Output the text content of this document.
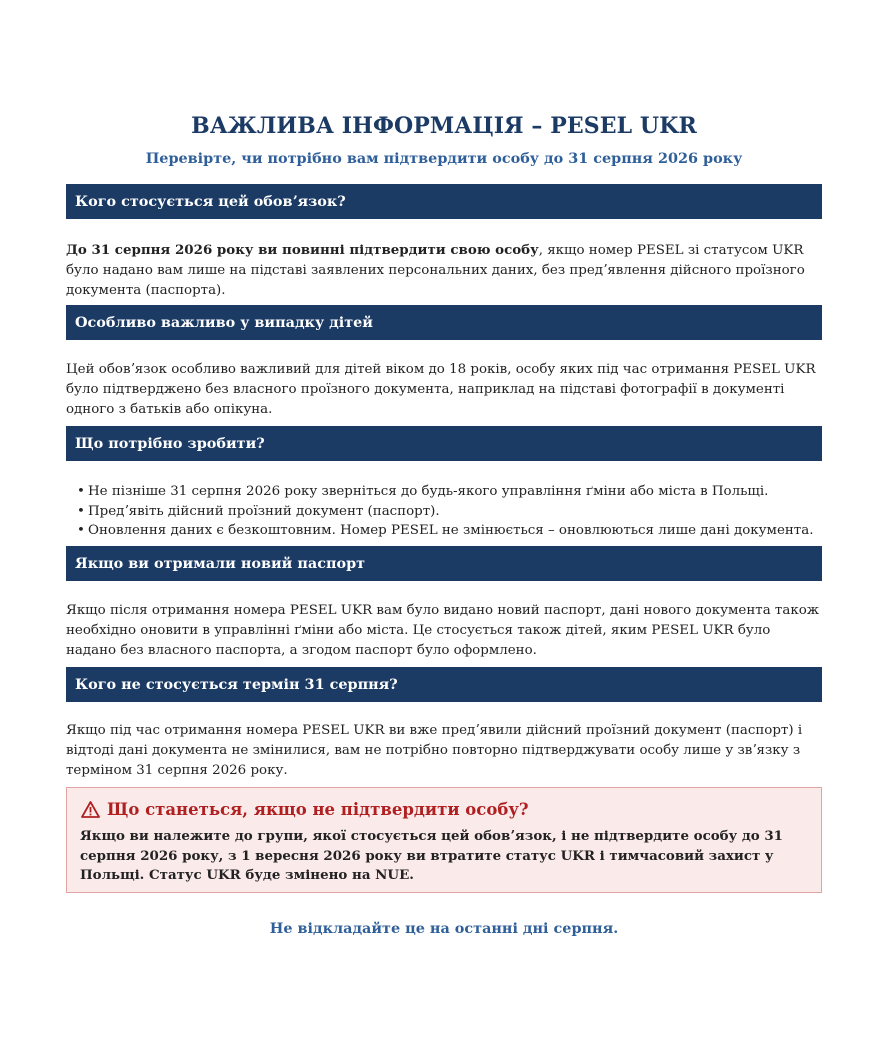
ВАЖЛИВА ІНФОРМАЦІЯ – PESEL UKR
Перевірте, чи потрібно вам підтвердити особу до 31 серпня 2026 року
Кого стосується цей обовʼязок?

До 31 серпня 2026 року ви повинні підтвердити свою особу, якщо номер PESEL зі статусом UKR було надано вам лише на підставі заявлених персональних даних, без предʼявлення дійсного проїзного документа (паспорта).

Особливо важливо у випадку дітей

Цей обовʼязок особливо важливий для дітей віком до 18 років, особу яких під час отримання PESEL UKR було підтверджено без власного проїзного документа, наприклад на підставі фотографії в документі одного з батьків або опікуна.

Що потрібно зробити?
• Не пізніше 31 серпня 2026 року зверніться до будь-якого управління ґміни або міста в Польщі.
• Предʼявіть дійсний проїзний документ (паспорт).
• Оновлення даних є безкоштовним. Номер PESEL не змінюється – оновлюються лише дані документа.
Якщо ви отримали новий паспорт

Якщо після отримання номера PESEL UKR вам було видано новий паспорт, дані нового документа також необхідно оновити в управлінні ґміни або міста. Це стосується також дітей, яким PESEL UKR було надано без власного паспорта, а згодом паспорт було оформлено.

Кого не стосується термін 31 серпня?

Якщо під час отримання номера PESEL UKR ви вже предʼявили дійсний проїзний документ (паспорт) і відтоді дані документа не змінилися, вам не потрібно повторно підтверджувати особу лише у звʼязку з терміном 31 серпня 2026 року.

Що станеться, якщо не підтвердити особу?

Якщо ви належите до групи, якої стосується цей обовʼязок, і не підтвердите особу до 31 серпня 2026 року, з 1 вересня 2026 року ви втратите статус UKR і тимчасовий захист у Польщі. Статус UKR буде змінено на NUE.

Не відкладайте це на останні дні серпня.
